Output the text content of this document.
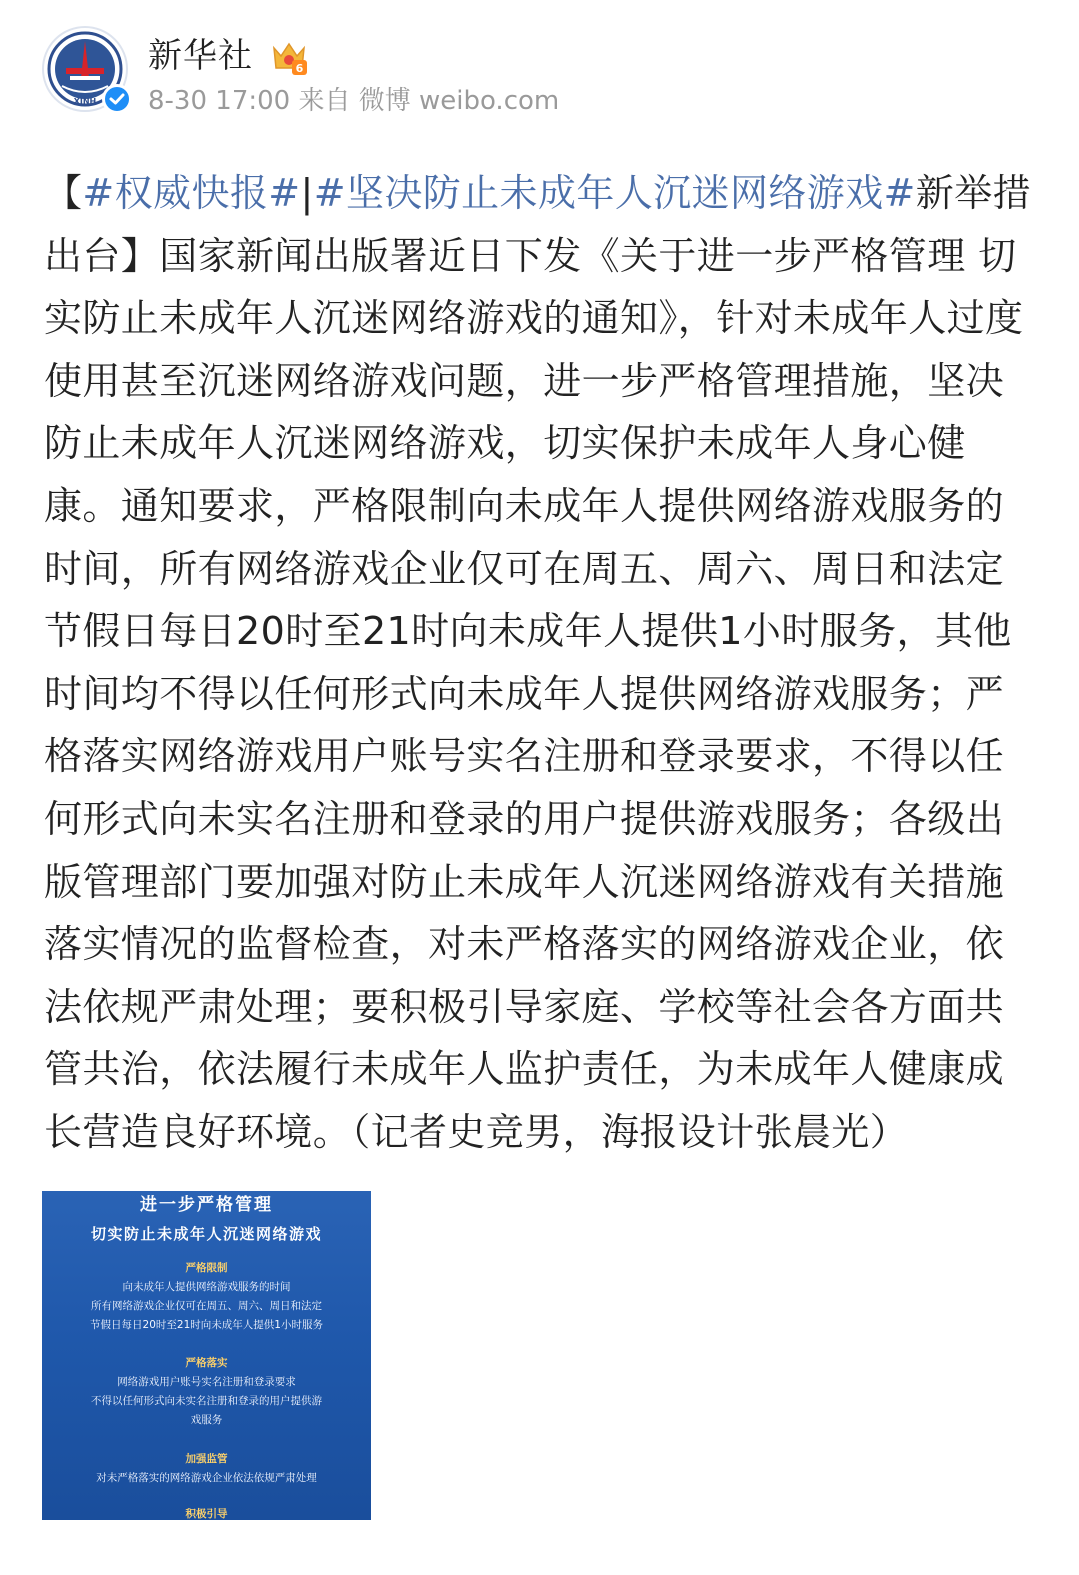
XINH
新华社	6
8-30 17:00 来自 微博 weibo.com
【#权威快报#|#坚决防止未成年人沉迷网络游戏#新举措出台】国家新闻出版署近日下发《关于进一步严格管理 切实防止未成年人沉迷网络游戏的通知》，针对未成年人过度使用甚至沉迷网络游戏问题，进一步严格管理措施，坚决防止未成年人沉迷网络游戏，切实保护未成年人身心健康。通知要求，严格限制向未成年人提供网络游戏服务的时间，所有网络游戏企业仅可在周五、周六、周日和法定节假日每日20时至21时向未成年人提供1小时服务，其他时间均不得以任何形式向未成年人提供网络游戏服务；严格落实网络游戏用户账号实名注册和登录要求，不得以任何形式向未实名注册和登录的用户提供游戏服务；各级出版管理部门要加强对防止未成年人沉迷网络游戏有关措施落实情况的监督检查，对未严格落实的网络游戏企业，依法依规严肃处理；要积极引导家庭、学校等社会各方面共管共治，依法履行未成年人监护责任，为未成年人健康成长营造良好环境。（记者史竞男，海报设计张晨光）
进一步严格管理
切实防止未成年人沉迷网络游戏
严格限制
向未成年人提供网络游戏服务的时间
所有网络游戏企业仅可在周五、周六、周日和法定
节假日每日20时至21时向未成年人提供1小时服务
严格落实
网络游戏用户账号实名注册和登录要求
不得以任何形式向未实名注册和登录的用户提供游
戏服务
加强监管
对未严格落实的网络游戏企业依法依规严肃处理
积极引导
